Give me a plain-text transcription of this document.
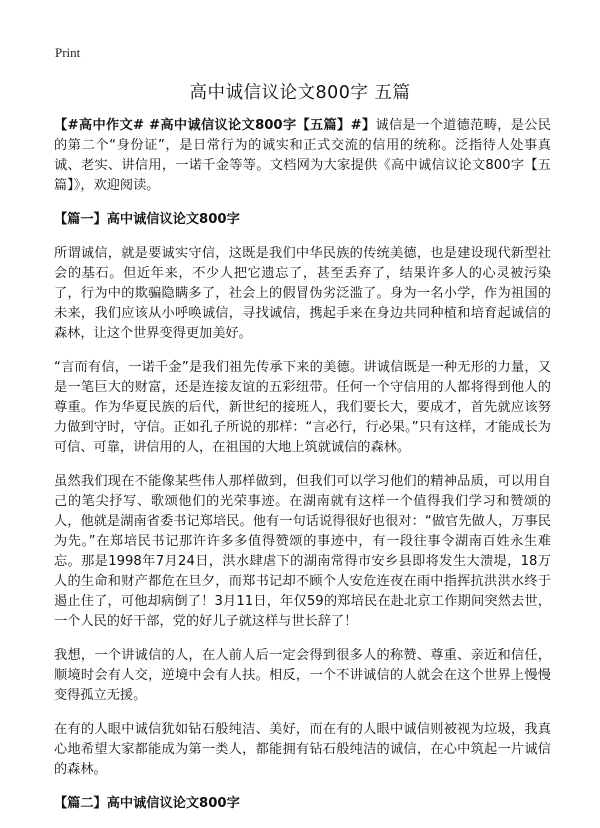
Print
高中诚信议论文800字 五篇

【#高中作文# #高中诚信议论文800字【五篇】#】诚信是一个道德范畴，是公民的第二个“身份证”，是日常行为的诚实和正式交流的信用的统称。泛指待人处事真诚、老实、讲信用，一诺千金等等。文档网为大家提供《高中诚信议论文800字【五篇】》，欢迎阅读。

【篇一】高中诚信议论文800字

所谓诚信，就是要诚实守信，这既是我们中华民族的传统美德，也是建设现代新型社会的基石。但近年来，不少人把它遗忘了，甚至丢弃了，结果许多人的心灵被污染了，行为中的欺骗隐瞒多了，社会上的假冒伪劣泛滥了。身为一名小学，作为祖国的未来，我们应该从小呼唤诚信，寻找诚信，携起手来在身边共同种植和培育起诚信的森林，让这个世界变得更加美好。

“言而有信，一诺千金”是我们祖先传承下来的美德。讲诚信既是一种无形的力量，又是一笔巨大的财富，还是连接友谊的五彩纽带。任何一个守信用的人都将得到他人的尊重。作为华夏民族的后代，新世纪的接班人，我们要长大，要成才，首先就应该努力做到守时，守信。正如孔子所说的那样：“言必行，行必果。”只有这样，才能成长为可信、可靠，讲信用的人，在祖国的大地上筑就诚信的森林。

虽然我们现在不能像某些伟人那样做到，但我们可以学习他们的精神品质，可以用自己的笔尖抒写、歌颂他们的光荣事迹。在湖南就有这样一个值得我们学习和赞颂的人，他就是湖南省委书记郑培民。他有一句话说得很好也很对：“做官先做人，万事民为先。”在郑培民书记那许许多多值得赞颂的事迹中，有一段往事令湖南百姓永生难忘。那是1998年7月24日，洪水肆虐下的湖南常得市安乡县即将发生大溃堤，18万人的生命和财产都危在旦夕，而郑书记却不顾个人安危连夜在雨中指挥抗洪洪水终于遏止住了，可他却病倒了！3月11日，年仅59的郑培民在赴北京工作期间突然去世，一个人民的好干部，党的好儿子就这样与世长辞了！

我想，一个讲诚信的人，在人前人后一定会得到很多人的称赞、尊重、亲近和信任，顺境时会有人交，逆境中会有人扶。相反，一个不讲诚信的人就会在这个世界上慢慢变得孤立无援。

在有的人眼中诚信犹如钻石般纯洁、美好，而在有的人眼中诚信则被视为垃圾，我真心地希望大家都能成为第一类人，都能拥有钻石般纯洁的诚信，在心中筑起一片诚信的森林。

【篇二】高中诚信议论文800字
